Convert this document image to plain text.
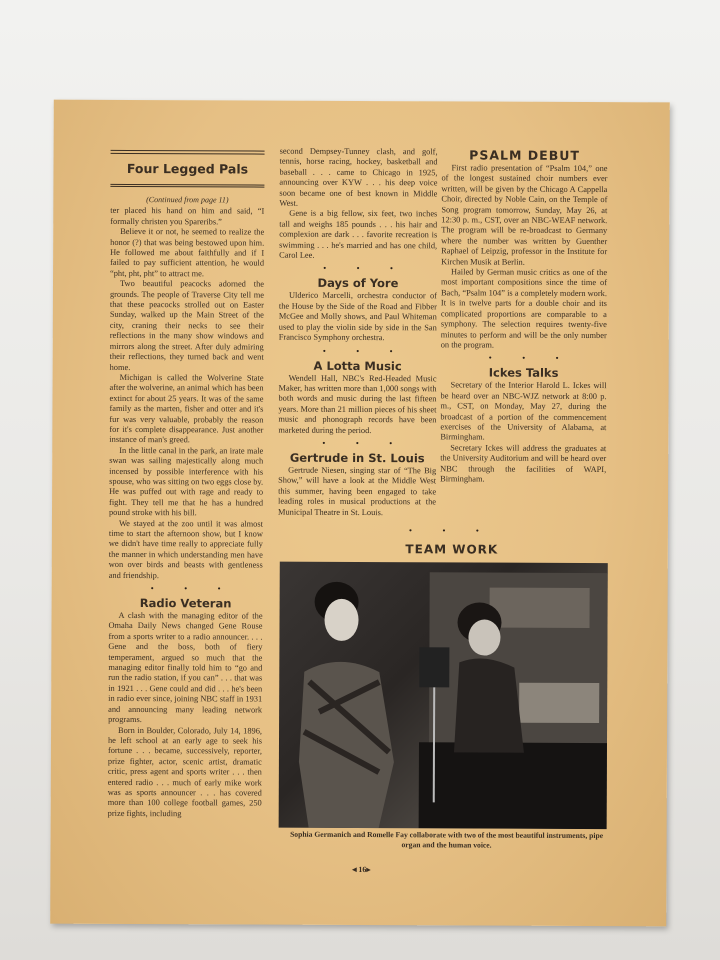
Four Legged Pals
(Continued from page 11)

ter placed his hand on him and said, “I formally christen you Spareribs.”

Believe it or not, he seemed to realize the honor (?) that was being bestowed upon him. He followed me about faithfully and if I failed to pay sufficient attention, he would “pht, pht, pht” to attract me.

Two beautiful peacocks adorned the grounds. The people of Traverse City tell me that these peacocks strolled out on Easter Sunday, walked up the Main Street of the city, craning their necks to see their reflections in the many show windows and mirrors along the street. After duly admiring their reflections, they turned back and went home.

Michigan is called the Wolverine State after the wolverine, an animal which has been extinct for about 25 years. It was of the same family as the marten, fisher and otter and it's fur was very valuable, probably the reason for it's complete disappearance. Just another instance of man's greed.

In the little canal in the park, an irate male swan was sailing majestically along much incensed by possible interference with his spouse, who was sitting on two eggs close by. He was puffed out with rage and ready to fight. They tell me that he has a hundred pound stroke with his bill.

We stayed at the zoo until it was almost time to start the afternoon show, but I know we didn't have time really to appreciate fully the manner in which understanding men have won over birds and beasts with gentleness and friendship.

• • •
Radio Veteran

A clash with the managing editor of the Omaha Daily News changed Gene Rouse from a sports writer to a radio announcer. . . . Gene and the boss, both of fiery temperament, argued so much that the managing editor finally told him to “go and run the radio station, if you can” . . . that was in 1921 . . . Gene could and did . . . he's been in radio ever since, joining NBC staff in 1931 and announcing many leading network programs.

Born in Boulder, Colorado, July 14, 1896, he left school at an early age to seek his fortune . . . became, successively, reporter, prize fighter, actor, scenic artist, dramatic critic, press agent and sports writer . . . then entered radio . . . much of early mike work was as sports announcer . . . has covered more than 100 college football games, 250 prize fights, including

second Dempsey-Tunney clash, and golf, tennis, horse racing, hockey, basketball and baseball . . . came to Chicago in 1925, announcing over KYW . . . his deep voice soon became one of best known in Middle West.

Gene is a big fellow, six feet, two inches tall and weighs 185 pounds . . . his hair and complexion are dark . . . favorite recreation is swimming . . . he's married and has one child, Carol Lee.

• • •
Days of Yore

Ulderico Marcelli, orchestra conductor of the House by the Side of the Road and Fibber McGee and Molly shows, and Paul Whiteman used to play the violin side by side in the San Francisco Symphony orchestra.

• • •
A Lotta Music

Wendell Hall, NBC's Red-Headed Music Maker, has written more than 1,000 songs with both words and music during the last fifteen years. More than 21 million pieces of his sheet music and phonograph records have been marketed during the period.

• • •
Gertrude in St. Louis

Gertrude Niesen, singing star of “The Big Show,” will have a look at the Middle West this summer, having been engaged to take leading roles in musical productions at the Municipal Theatre in St. Louis.

PSALM DEBUT

First radio presentation of “Psalm 104,” one of the longest sustained choir numbers ever written, will be given by the Chicago A Cappella Choir, directed by Noble Cain, on the Temple of Song program tomorrow, Sunday, May 26, at 12:30 p. m., CST, over an NBC-WEAF network. The program will be re-broadcast to Germany where the number was written by Guenther Raphael of Leipzig, professor in the Institute for Kirchen Musik at Berlin.

Hailed by German music critics as one of the most important compositions since the time of Bach, “Psalm 104” is a completely modern work. It is in twelve parts for a double choir and its complicated proportions are comparable to a symphony. The selection requires twenty-five minutes to perform and will be the only number on the program.

• • •
Ickes Talks

Secretary of the Interior Harold L. Ickes will be heard over an NBC-WJZ network at 8:00 p. m., CST, on Monday, May 27, during the broadcast of a portion of the commencement exercises of the University of Alabama, at Birmingham.

Secretary Ickes will address the graduates at the University Auditorium and will be heard over NBC through the facilities of WAPI, Birmingham.

• • •
TEAM WORK
Sophia Germanich and Romelle Fay collaborate with two of the most beautiful instruments, pipe organ and the human voice.
◄16▸
